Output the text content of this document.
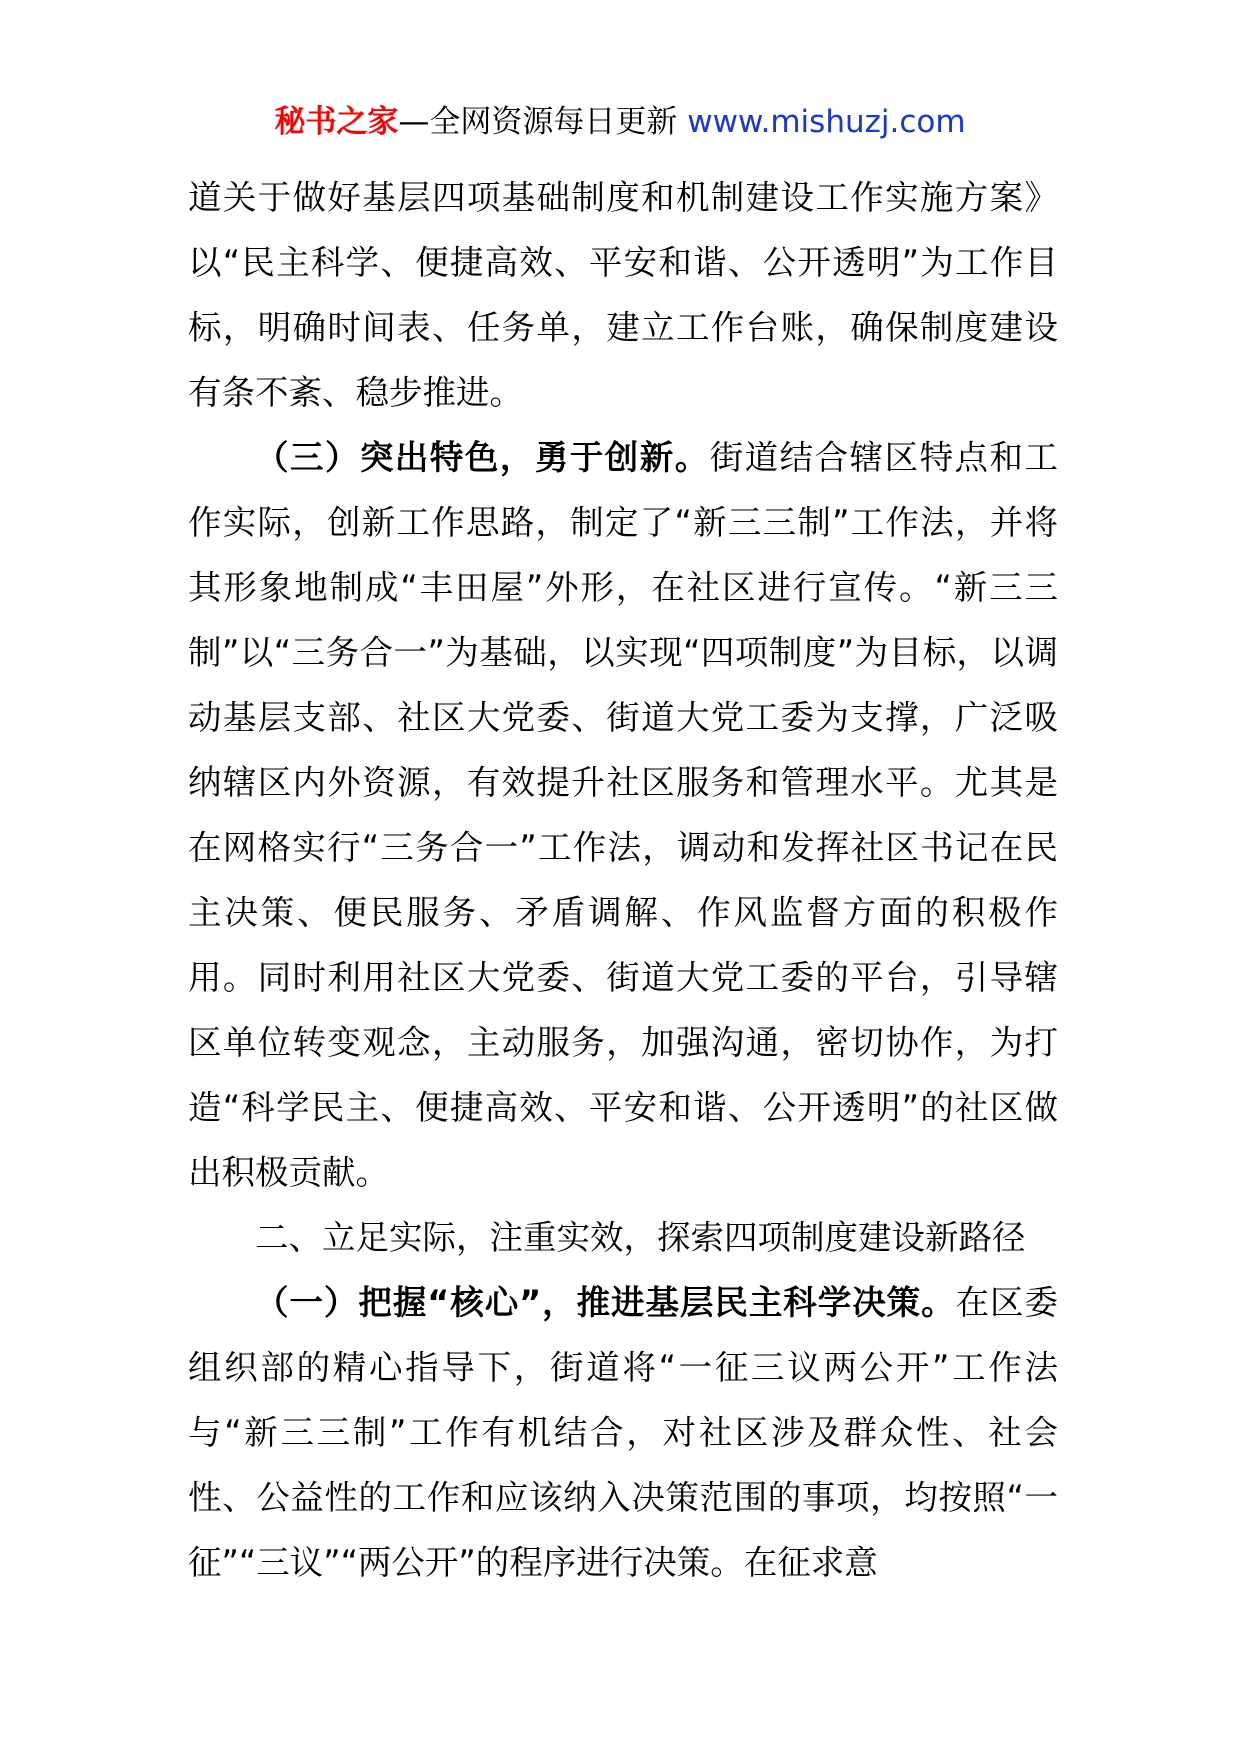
秘书之家—全网资源每日更新 www.mishuzj.com

道关于做好基层四项基础制度和机制建设工作实施方案》以“民主科学、便捷高效、平安和谐、公开透明”为工作目标，明确时间表、任务单，建立工作台账，确保制度建设有条不紊、稳步推进。

（三）突出特色，勇于创新。街道结合辖区特点和工作实际，创新工作思路，制定了“新三三制”工作法，并将其形象地制成“丰田屋”外形，在社区进行宣传。“新三三制”以“三务合一”为基础，以实现“四项制度”为目标，以调动基层支部、社区大党委、街道大党工委为支撑，广泛吸纳辖区内外资源，有效提升社区服务和管理水平。尤其是在网格实行“三务合一”工作法，调动和发挥社区书记在民主决策、便民服务、矛盾调解、作风监督方面的积极作用。同时利用社区大党委、街道大党工委的平台，引导辖区单位转变观念，主动服务，加强沟通，密切协作，为打造“科学民主、便捷高效、平安和谐、公开透明”的社区做出积极贡献。

二、立足实际，注重实效，探索四项制度建设新路径

（一）把握“核心”，推进基层民主科学决策。在区委组织部的精心指导下，街道将“一征三议两公开”工作法与“新三三制”工作有机结合，对社区涉及群众性、社会性、公益性的工作和应该纳入决策范围的事项，均按照“一征”“三议”“两公开”的程序进行决策。在征求意
